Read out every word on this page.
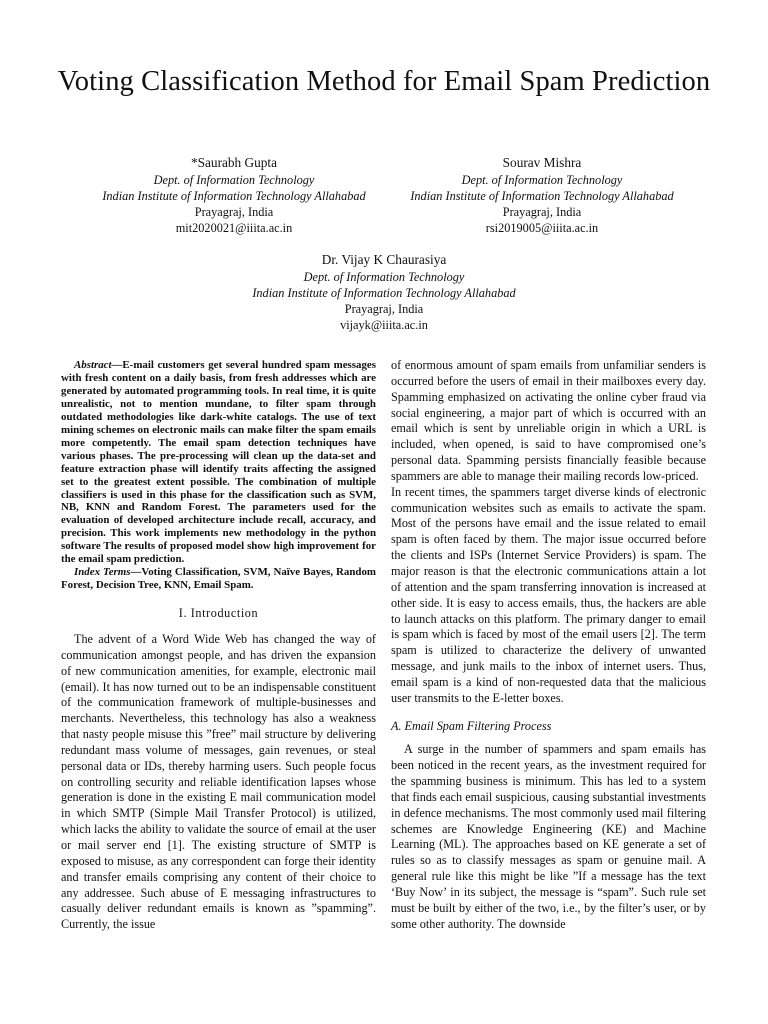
Voting Classification Method for Email Spam Prediction
*Saurabh Gupta
Dept. of Information Technology
Indian Institute of Information Technology Allahabad
Prayagraj, India
mit2020021@iiita.ac.in
Sourav Mishra
Dept. of Information Technology
Indian Institute of Information Technology Allahabad
Prayagraj, India
rsi2019005@iiita.ac.in
Dr. Vijay K Chaurasiya
Dept. of Information Technology
Indian Institute of Information Technology Allahabad
Prayagraj, India
vijayk@iiita.ac.in

Abstract—E-mail customers get several hundred spam messages with fresh content on a daily basis, from fresh addresses which are generated by automated programming tools. In real time, it is quite unrealistic, not to mention mundane, to filter spam through outdated methodologies like dark-white catalogs. The use of text mining schemes on electronic mails can make filter the spam emails more competently. The email spam detection techniques have various phases. The pre-processing will clean up the data-set and feature extraction phase will identify traits affecting the assigned set to the greatest extent possible. The combination of multiple classifiers is used in this phase for the classification such as SVM, NB, KNN and Random Forest. The parameters used for the evaluation of developed architecture include recall, accuracy, and precision. This work implements new methodology in the python software The results of proposed model show high improvement for the email spam prediction.

Index Terms—Voting Classification, SVM, Naïve Bayes, Random Forest, Decision Tree, KNN, Email Spam.

I. Introduction

The advent of a Word Wide Web has changed the way of communication amongst people, and has driven the expansion of new communication amenities, for example, electronic mail (email). It has now turned out to be an indispensable constituent of the communication framework of multiple-businesses and merchants. Nevertheless, this technology has also a weakness that nasty people misuse this ”free” mail structure by delivering redundant mass volume of messages, gain revenues, or steal personal data or IDs, thereby harming users. Such people focus on controlling security and reliable identification lapses whose generation is done in the existing E mail communication model in which SMTP (Simple Mail Transfer Protocol) is utilized, which lacks the ability to validate the source of email at the user or mail server end [1]. The existing structure of SMTP is exposed to misuse, as any correspondent can forge their identity and transfer emails comprising any content of their choice to any addressee. Such abuse of E messaging infrastructures to casually deliver redundant emails is known as ”spamming”. Currently, the issue

of enormous amount of spam emails from unfamiliar senders is occurred before the users of email in their mailboxes every day. Spamming emphasized on activating the online cyber fraud via social engineering, a major part of which is occurred with an email which is sent by unreliable origin in which a URL is included, when opened, is said to have compromised one’s personal data. Spamming persists financially feasible because spammers are able to manage their mailing records low-priced.

In recent times, the spammers target diverse kinds of electronic communication websites such as emails to activate the spam. Most of the persons have email and the issue related to email spam is often faced by them. The major issue occurred before the clients and ISPs (Internet Service Providers) is spam. The major reason is that the electronic communications attain a lot of attention and the spam transferring innovation is increased at other side. It is easy to access emails, thus, the hackers are able to launch attacks on this platform. The primary danger to email is spam which is faced by most of the email users [2]. The term spam is utilized to characterize the delivery of unwanted message, and junk mails to the inbox of internet users. Thus, email spam is a kind of non-requested data that the malicious user transmits to the E-letter boxes.

A. Email Spam Filtering Process

A surge in the number of spammers and spam emails has been noticed in the recent years, as the investment required for the spamming business is minimum. This has led to a system that finds each email suspicious, causing substantial investments in defence mechanisms. The most commonly used mail filtering schemes are Knowledge Engineering (KE) and Machine Learning (ML). The approaches based on KE generate a set of rules so as to classify messages as spam or genuine mail. A general rule like this might be like ”If a message has the text ‘Buy Now’ in its subject, the message is “spam”. Such rule set must be built by either of the two, i.e., by the filter’s user, or by some other authority. The downside
